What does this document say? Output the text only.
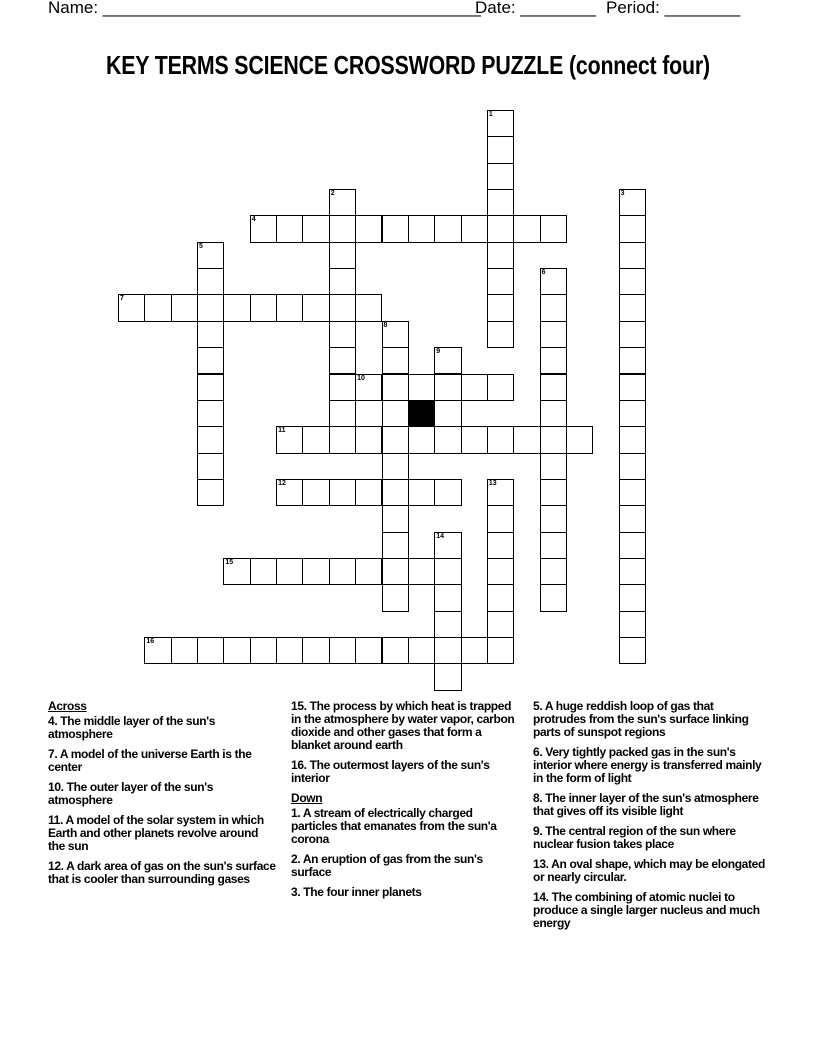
Name: ________________________________________
Date: ________ Period: ________
KEY TERMS SCIENCE CROSSWORD PUZZLE (connect four)
1
2	3
4
5
6
7
8
9
10
11
12	13
14
15
16
Across
4. The middle layer of the sun's atmosphere
7. A model of the universe Earth is the center
10. The outer layer of the sun's atmosphere
11. A model of the solar system in which Earth and other planets revolve around the sun
12. A dark area of gas on the sun's surface that is cooler than surrounding gases
15. The process by which heat is trapped in the atmosphere by water vapor, carbon dioxide and other gases that form a blanket around earth
16. The outermost layers of the sun's interior
Down
1. A stream of electrically charged particles that emanates from the sun'a corona
2. An eruption of gas from the sun's surface
3. The four inner planets
5. A huge reddish loop of gas that protrudes from the sun's surface linking parts of sunspot regions
6. Very tightly packed gas in the sun's interior where energy is transferred mainly in the form of light
8. The inner layer of the sun's atmosphere that gives off its visible light
9. The central region of the sun where nuclear fusion takes place
13. An oval shape, which may be elongated or nearly circular.
14. The combining of atomic nuclei to produce a single larger nucleus and much energy
